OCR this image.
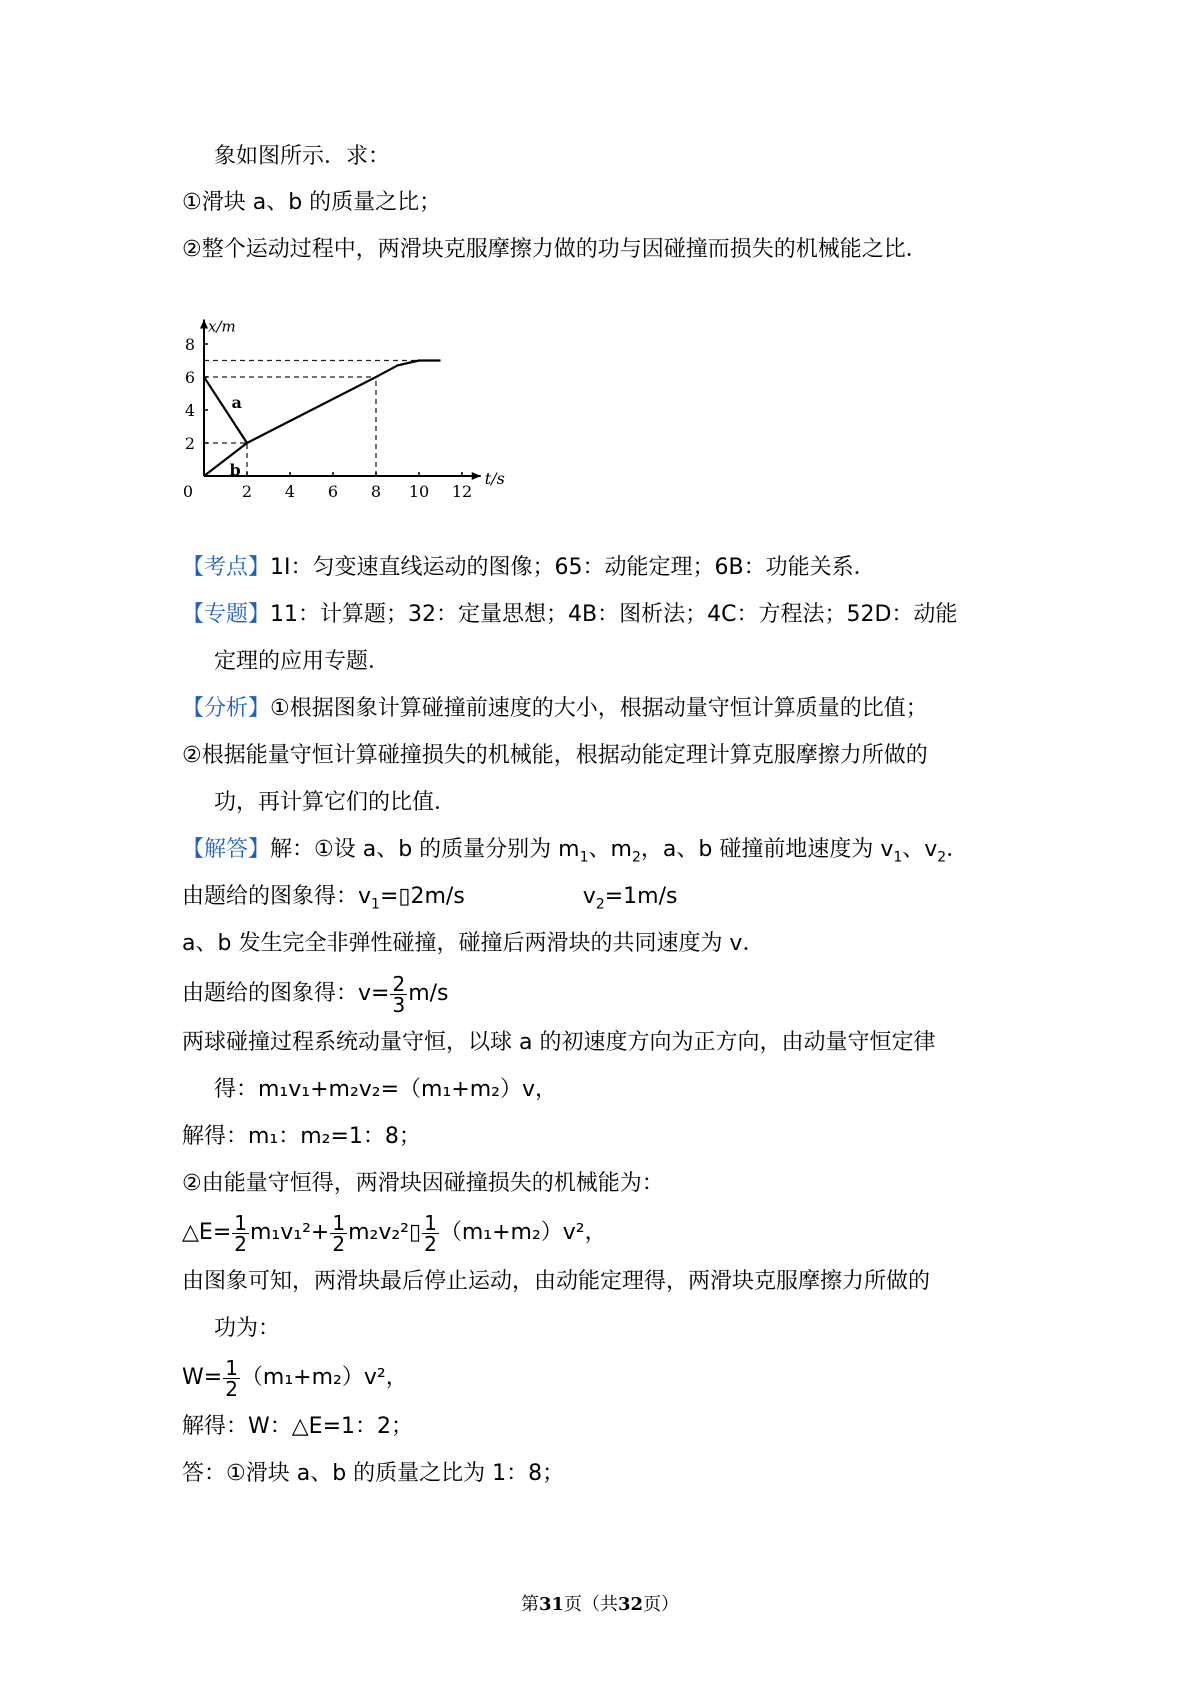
象如图所示．求：
①滑块 a、b 的质量之比；
②整个运动过程中，两滑块克服摩擦力做的功与因碰撞而损失的机械能之比．
x/m
t/s
a
b
0	2 4 6 8 10 12
2
4
6
8
【考点】1I：匀变速直线运动的图像；65：动能定理；6B：功能关系．
【专题】11：计算题；32：定量思想；4B：图析法；4C：方程法；52D：动能
定理的应用专题．
【分析】①根据图象计算碰撞前速度的大小，根据动量守恒计算质量的比值；
②根据能量守恒计算碰撞损失的机械能，根据动能定理计算克服摩擦力所做的
功，再计算它们的比值．
【解答】解：①设 a、b 的质量分别为 $m_1$、$m_2$，a、b 碰撞前地速度为 $v_1$、$v_2$．
由题给的图象得：$v_1=▯2m/s$	$v_2=1m/s$
a、b 发生完全非弹性碰撞，碰撞后两滑块的共同速度为 v．
由题给的图象得：$v= \frac{2}{3} m/s$
两球碰撞过程系统动量守恒，以球 a 的初速度方向为正方向，由动量守恒定律
得：m₁v₁+m₂v₂=（m₁+m₂）v，
解得：m₁：m₂=1：8；
②由能量守恒得，两滑块因碰撞损失的机械能为：
△E= $\frac{1}{2} m_1v_1^2+ \frac{1}{2}$ m₂v₂²▯ $\frac{1}{2} (m_1+m_2)v^2$，
由图象可知，两滑块最后停止运动，由动能定理得，两滑块克服摩擦力所做的
功为：
$W= \frac{1}{2} (m_1+m_2)v^2$，
解得：W：△E=1：2；
答：①滑块 a、b 的质量之比为 1：8；
第31页（共32页）
